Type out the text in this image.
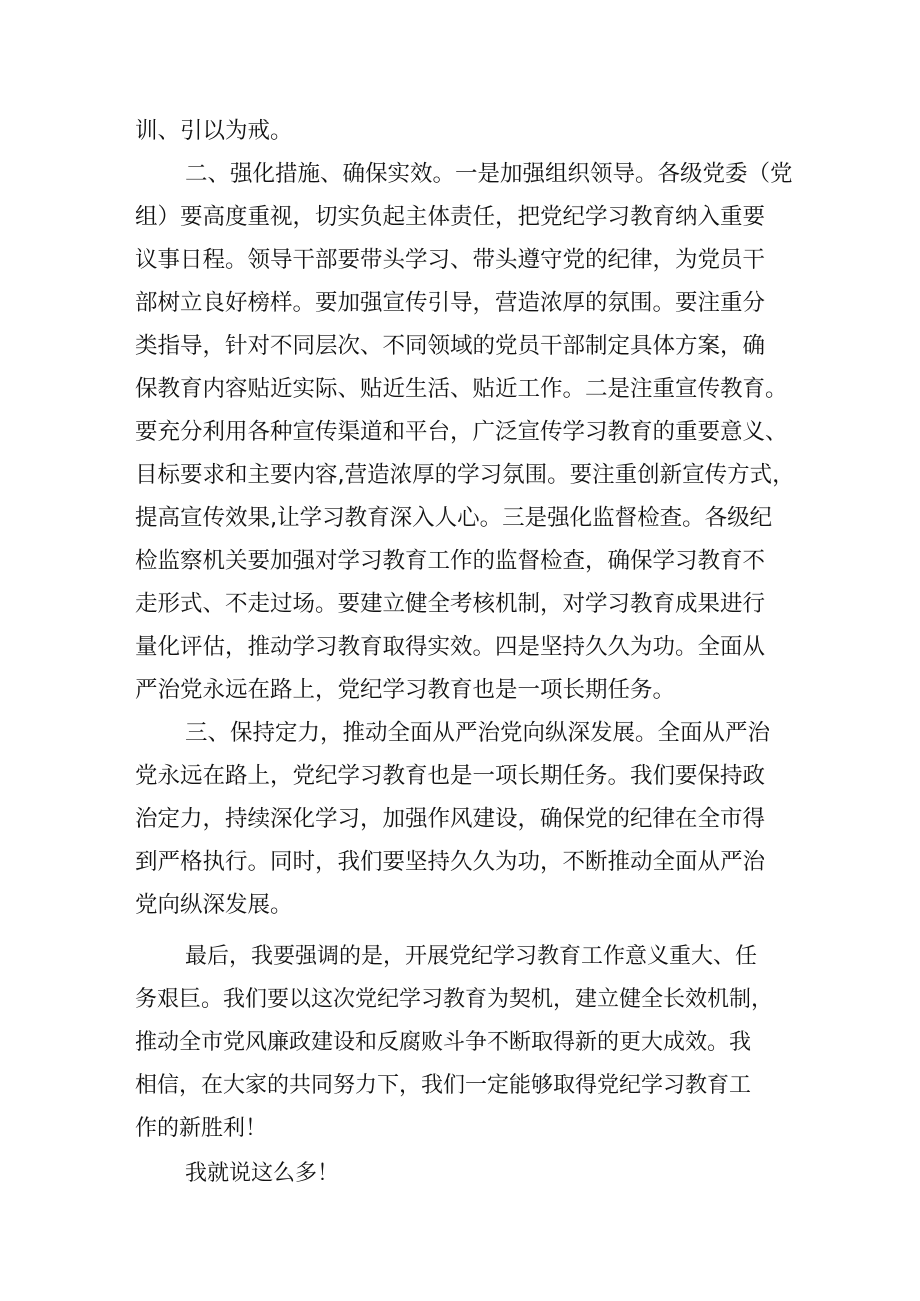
训、引以为戒。
二、强化措施、确保实效。一是加强组织领导。各级党委（党
组）要高度重视，切实负起主体责任，把党纪学习教育纳入重要
议事日程。领导干部要带头学习、带头遵守党的纪律，为党员干
部树立良好榜样。要加强宣传引导，营造浓厚的氛围。要注重分
类指导，针对不同层次、不同领域的党员干部制定具体方案，确
保教育内容贴近实际、贴近生活、贴近工作。二是注重宣传教育。
要充分利用各种宣传渠道和平台，广泛宣传学习教育的重要意义、
目标要求和主要内容,营造浓厚的学习氛围。要注重创新宣传方式，
提高宣传效果,让学习教育深入人心。三是强化监督检查。各级纪
检监察机关要加强对学习教育工作的监督检查，确保学习教育不
走形式、不走过场。要建立健全考核机制，对学习教育成果进行
量化评估，推动学习教育取得实效。四是坚持久久为功。全面从
严治党永远在路上，党纪学习教育也是一项长期任务。
三、保持定力，推动全面从严治党向纵深发展。全面从严治
党永远在路上，党纪学习教育也是一项长期任务。我们要保持政
治定力，持续深化学习，加强作风建设，确保党的纪律在全市得
到严格执行。同时，我们要坚持久久为功，不断推动全面从严治
党向纵深发展。
最后，我要强调的是，开展党纪学习教育工作意义重大、任
务艰巨。我们要以这次党纪学习教育为契机，建立健全长效机制，
推动全市党风廉政建设和反腐败斗争不断取得新的更大成效。我
相信，在大家的共同努力下，我们一定能够取得党纪学习教育工
作的新胜利！
我就说这么多！
